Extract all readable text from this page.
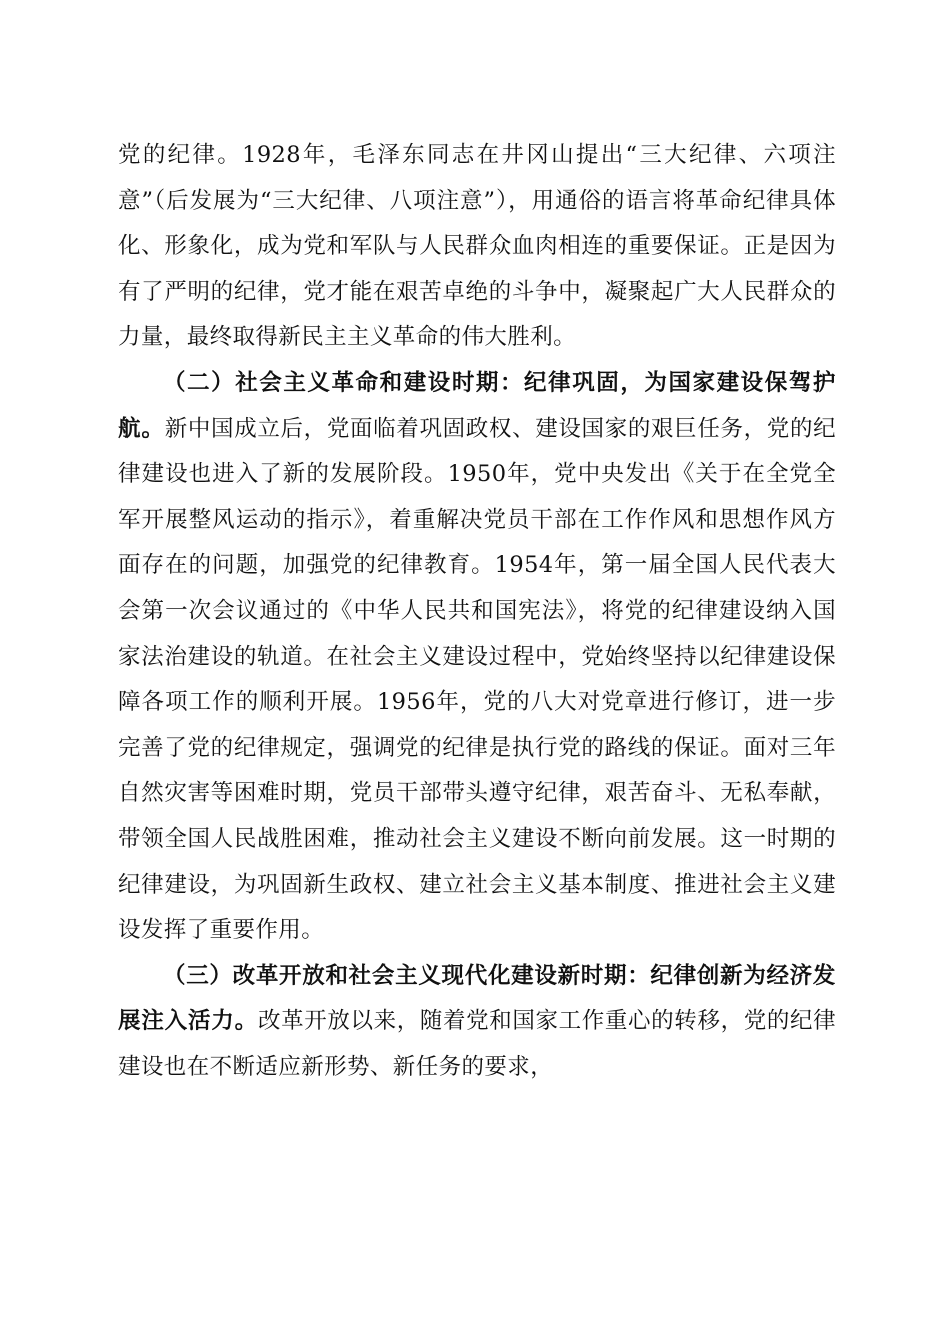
党的纪律。1928年，毛泽东同志在井冈山提出“三大纪律、六项注意”（后发展为“三大纪律、八项注意”），用通俗的语言将革命纪律具体化、形象化，成为党和军队与人民群众血肉相连的重要保证。正是因为有了严明的纪律，党才能在艰苦卓绝的斗争中，凝聚起广大人民群众的力量，最终取得新民主主义革命的伟大胜利。

（二）社会主义革命和建设时期：纪律巩固，为国家建设保驾护航。新中国成立后，党面临着巩固政权、建设国家的艰巨任务，党的纪律建设也进入了新的发展阶段。1950年，党中央发出《关于在全党全军开展整风运动的指示》，着重解决党员干部在工作作风和思想作风方面存在的问题，加强党的纪律教育。1954年，第一届全国人民代表大会第一次会议通过的《中华人民共和国宪法》，将党的纪律建设纳入国家法治建设的轨道。在社会主义建设过程中，党始终坚持以纪律建设保障各项工作的顺利开展。1956年，党的八大对党章进行修订，进一步完善了党的纪律规定，强调党的纪律是执行党的路线的保证。面对三年自然灾害等困难时期，党员干部带头遵守纪律，艰苦奋斗、无私奉献，带领全国人民战胜困难，推动社会主义建设不断向前发展。这一时期的纪律建设，为巩固新生政权、建立社会主义基本制度、推进社会主义建设发挥了重要作用。

（三）改革开放和社会主义现代化建设新时期：纪律创新为经济发展注入活力。改革开放以来，随着党和国家工作重心的转移，党的纪律建设也在不断适应新形势、新任务的要求，
